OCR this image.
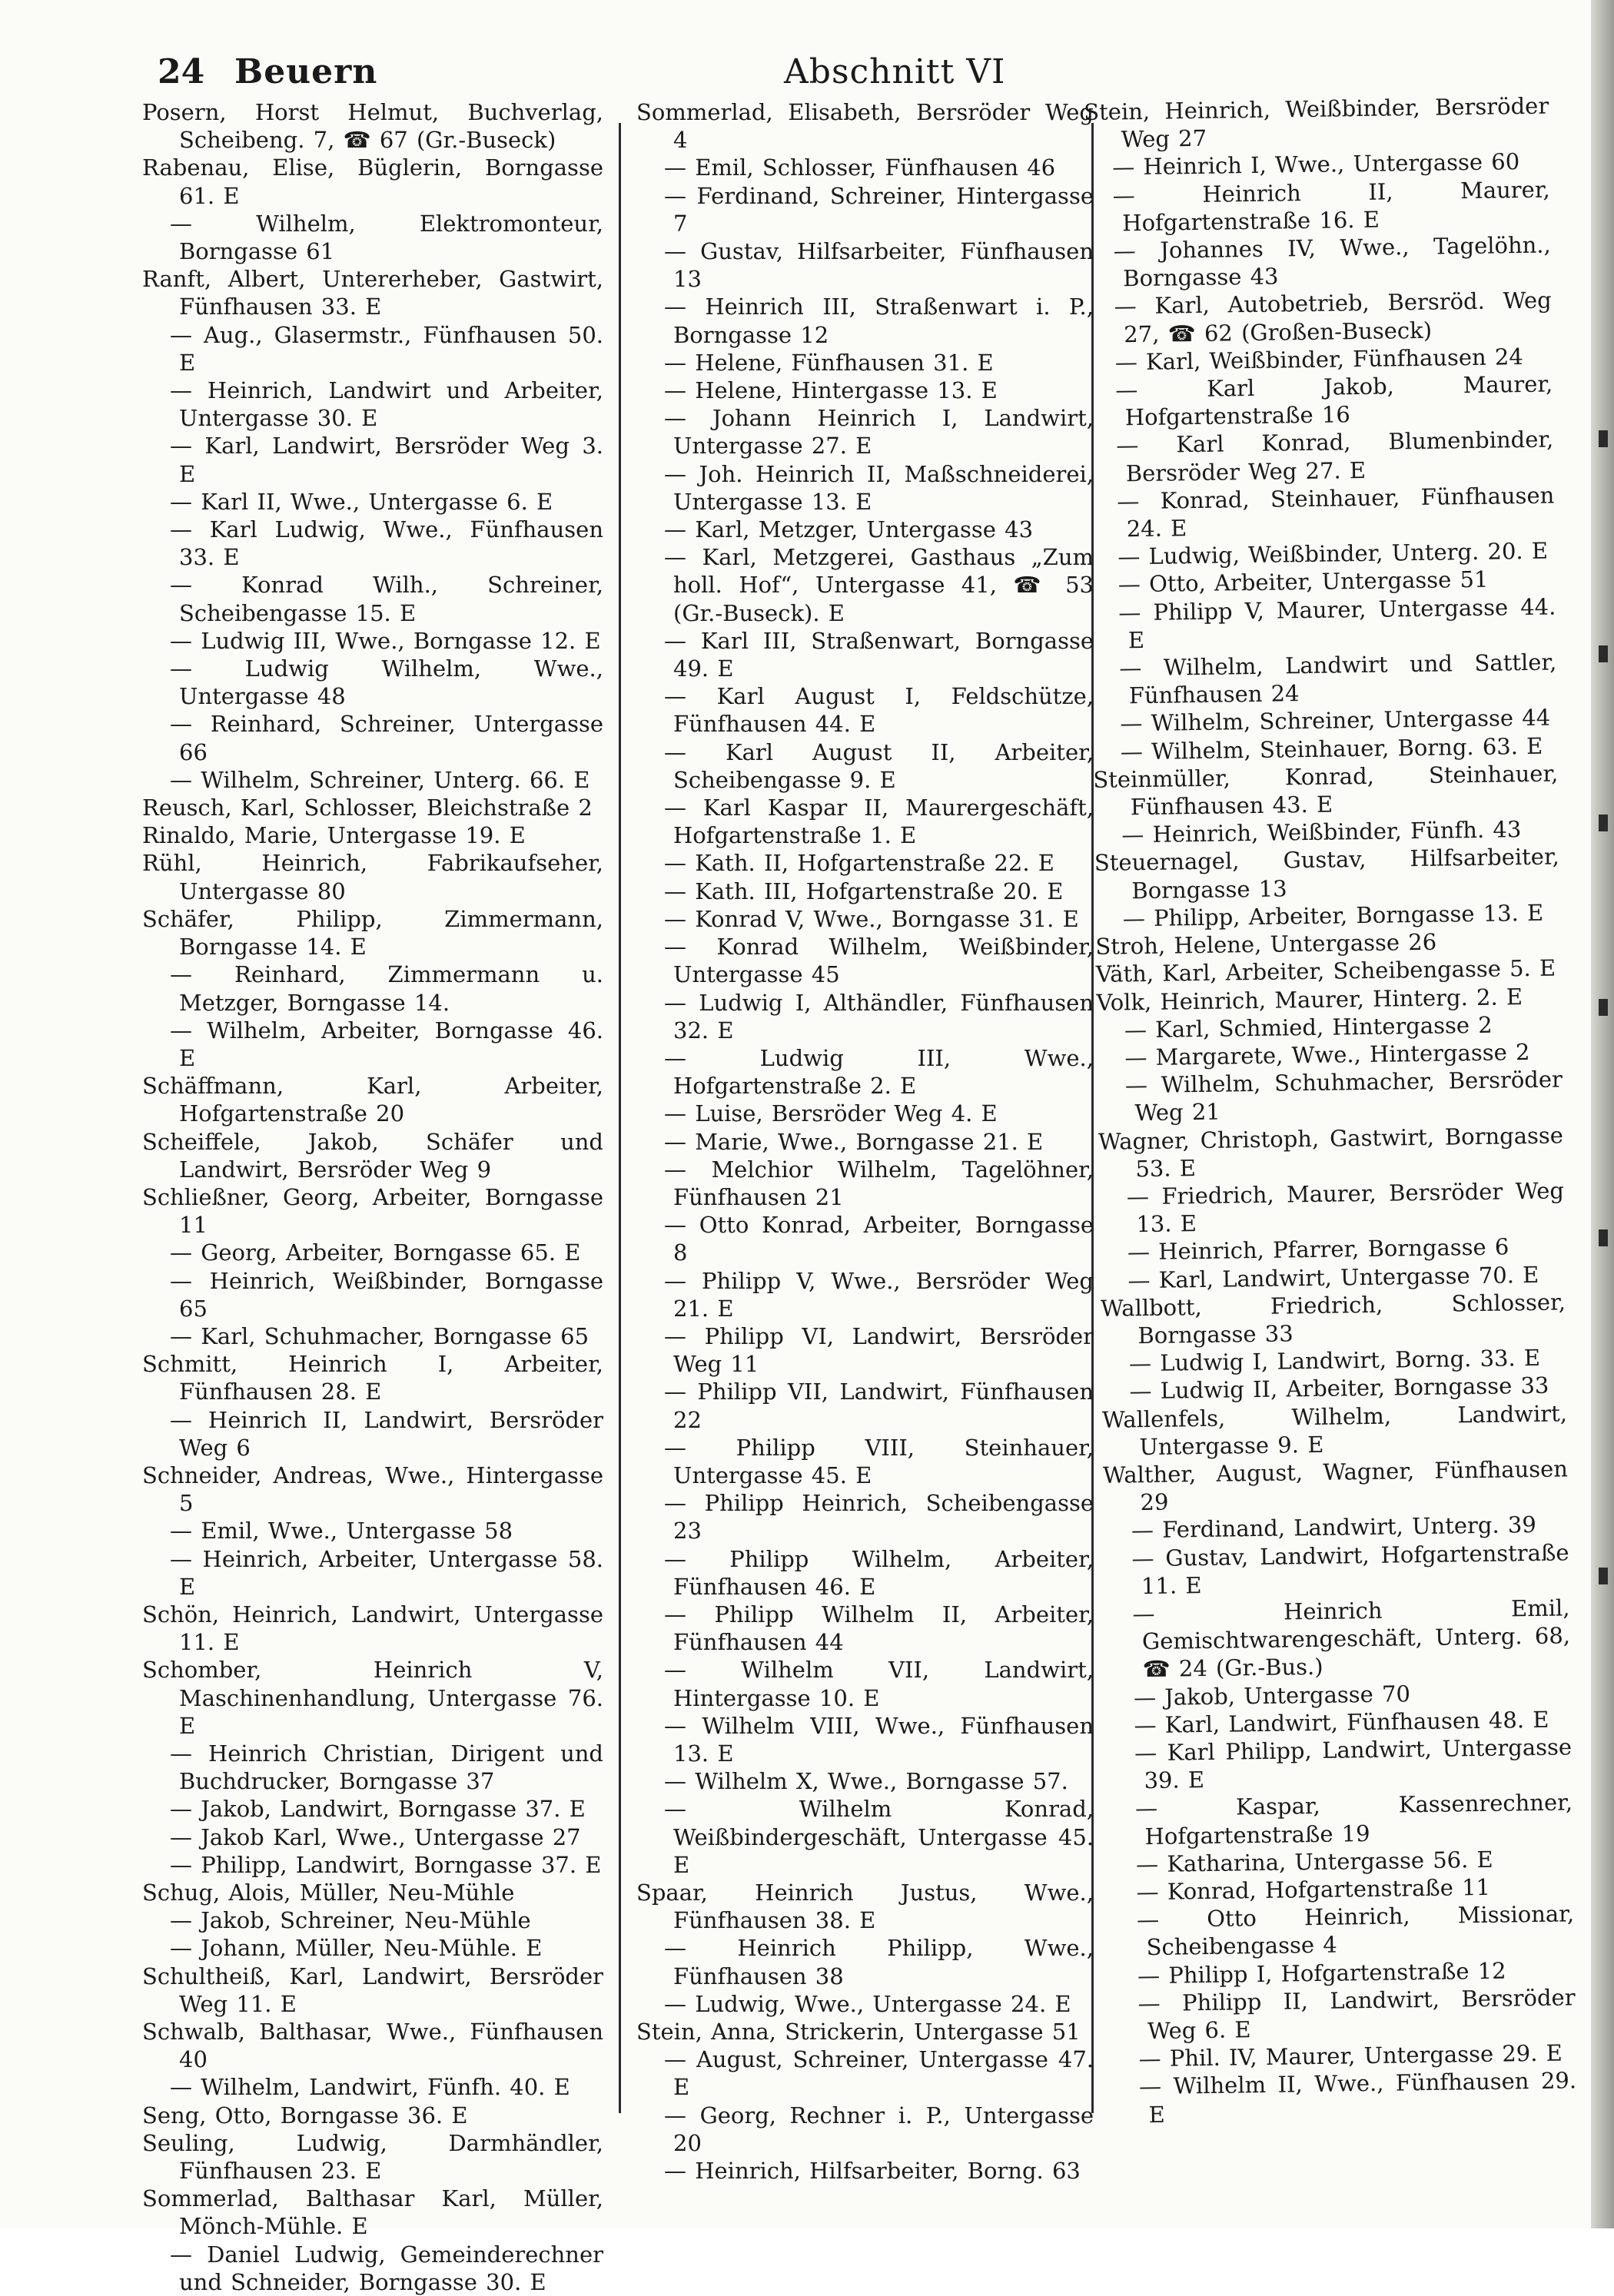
24 Beuern	Abschnitt VI

Posern, Horst Helmut, Buchverlag, Scheibeng. 7, ☎ 67 (Gr.-Buseck)

Rabenau, Elise, Büglerin, Borngasse 61. E

— Wilhelm, Elektromonteur, Borngasse 61

Ranft, Albert, Untererheber, Gastwirt, Fünfhausen 33. E

— Aug., Glasermstr., Fünfhausen 50. E

— Heinrich, Landwirt und Arbeiter, Untergasse 30. E

— Karl, Landwirt, Bersröder Weg 3. E

— Karl II, Wwe., Untergasse 6. E

— Karl Ludwig, Wwe., Fünfhausen 33. E

— Konrad Wilh., Schreiner, Scheibengasse 15. E

— Ludwig III, Wwe., Borngasse 12. E

— Ludwig Wilhelm, Wwe., Untergasse 48

— Reinhard, Schreiner, Untergasse 66

— Wilhelm, Schreiner, Unterg. 66. E

Reusch, Karl, Schlosser, Bleichstraße 2

Rinaldo, Marie, Untergasse 19. E

Rühl, Heinrich, Fabrikaufseher, Untergasse 80

Schäfer, Philipp, Zimmermann, Borngasse 14. E

— Reinhard, Zimmermann u. Metzger, Borngasse 14.

— Wilhelm, Arbeiter, Borngasse 46. E

Schäffmann, Karl, Arbeiter, Hofgartenstraße 20

Scheiffele, Jakob, Schäfer und Landwirt, Bersröder Weg 9

Schließner, Georg, Arbeiter, Borngasse 11

— Georg, Arbeiter, Borngasse 65. E

— Heinrich, Weißbinder, Borngasse 65

— Karl, Schuhmacher, Borngasse 65

Schmitt, Heinrich I, Arbeiter, Fünfhausen 28. E

— Heinrich II, Landwirt, Bersröder Weg 6

Schneider, Andreas, Wwe., Hintergasse 5

— Emil, Wwe., Untergasse 58

— Heinrich, Arbeiter, Untergasse 58. E

Schön, Heinrich, Landwirt, Untergasse 11. E

Schomber, Heinrich V, Maschinenhandlung, Untergasse 76. E

— Heinrich Christian, Dirigent und Buchdrucker, Borngasse 37

— Jakob, Landwirt, Borngasse 37. E

— Jakob Karl, Wwe., Untergasse 27

— Philipp, Landwirt, Borngasse 37. E

Schug, Alois, Müller, Neu-Mühle

— Jakob, Schreiner, Neu-Mühle

— Johann, Müller, Neu-Mühle. E

Schultheiß, Karl, Landwirt, Bersröder Weg 11. E

Schwalb, Balthasar, Wwe., Fünfhausen 40

— Wilhelm, Landwirt, Fünfh. 40. E

Seng, Otto, Borngasse 36. E

Seuling, Ludwig, Darmhändler, Fünfhausen 23. E

Sommerlad, Balthasar Karl, Müller, Mönch-Mühle. E

— Daniel Ludwig, Gemeinderechner und Schneider, Borngasse 30. E

Sommerlad, Elisabeth, Bersröder Weg 4

— Emil, Schlosser, Fünfhausen 46

— Ferdinand, Schreiner, Hintergasse 7

— Gustav, Hilfsarbeiter, Fünfhausen 13

— Heinrich III, Straßenwart i. P., Borngasse 12

— Helene, Fünfhausen 31. E

— Helene, Hintergasse 13. E

— Johann Heinrich I, Landwirt, Untergasse 27. E

— Joh. Heinrich II, Maßschneiderei, Untergasse 13. E

— Karl, Metzger, Untergasse 43

— Karl, Metzgerei, Gasthaus „Zum holl. Hof“, Untergasse 41, ☎ 53 (Gr.-Buseck). E

— Karl III, Straßenwart, Borngasse 49. E

— Karl August I, Feldschütze, Fünfhausen 44. E

— Karl August II, Arbeiter, Scheibengasse 9. E

— Karl Kaspar II, Maurergeschäft, Hofgartenstraße 1. E

— Kath. II, Hofgartenstraße 22. E

— Kath. III, Hofgartenstraße 20. E

— Konrad V, Wwe., Borngasse 31. E

— Konrad Wilhelm, Weißbinder, Untergasse 45

— Ludwig I, Althändler, Fünfhausen 32. E

— Ludwig III, Wwe., Hofgartenstraße 2. E

— Luise, Bersröder Weg 4. E

— Marie, Wwe., Borngasse 21. E

— Melchior Wilhelm, Tagelöhner, Fünfhausen 21

— Otto Konrad, Arbeiter, Borngasse 8

— Philipp V, Wwe., Bersröder Weg 21. E

— Philipp VI, Landwirt, Bersröder Weg 11

— Philipp VII, Landwirt, Fünfhausen 22

— Philipp VIII, Steinhauer, Untergasse 45. E

— Philipp Heinrich, Scheibengasse 23

— Philipp Wilhelm, Arbeiter, Fünfhausen 46. E

— Philipp Wilhelm II, Arbeiter, Fünfhausen 44

— Wilhelm VII, Landwirt, Hintergasse 10. E

— Wilhelm VIII, Wwe., Fünfhausen 13. E

— Wilhelm X, Wwe., Borngasse 57.

— Wilhelm Konrad, Weißbindergeschäft, Untergasse 45. E

Spaar, Heinrich Justus, Wwe., Fünfhausen 38. E

— Heinrich Philipp, Wwe., Fünfhausen 38

— Ludwig, Wwe., Untergasse 24. E

Stein, Anna, Strickerin, Untergasse 51

— August, Schreiner, Untergasse 47. E

— Georg, Rechner i. P., Untergasse 20

— Heinrich, Hilfsarbeiter, Borng. 63

Stein, Heinrich, Weißbinder, Bersröder Weg 27

— Heinrich I, Wwe., Untergasse 60

— Heinrich II, Maurer, Hofgartenstraße 16. E

— Johannes IV, Wwe., Tagelöhn., Borngasse 43

— Karl, Autobetrieb, Bersröd. Weg 27, ☎ 62 (Großen-Buseck)

— Karl, Weißbinder, Fünfhausen 24

— Karl Jakob, Maurer, Hofgartenstraße 16

— Karl Konrad, Blumenbinder, Bersröder Weg 27. E

— Konrad, Steinhauer, Fünfhausen 24. E

— Ludwig, Weißbinder, Unterg. 20. E

— Otto, Arbeiter, Untergasse 51

— Philipp V, Maurer, Untergasse 44. E

— Wilhelm, Landwirt und Sattler, Fünfhausen 24

— Wilhelm, Schreiner, Untergasse 44

— Wilhelm, Steinhauer, Borng. 63. E

Steinmüller, Konrad, Steinhauer, Fünfhausen 43. E

— Heinrich, Weißbinder, Fünfh. 43

Steuernagel, Gustav, Hilfsarbeiter, Borngasse 13

— Philipp, Arbeiter, Borngasse 13. E

Stroh, Helene, Untergasse 26

Väth, Karl, Arbeiter, Scheibengasse 5. E

Volk, Heinrich, Maurer, Hinterg. 2. E

— Karl, Schmied, Hintergasse 2

— Margarete, Wwe., Hintergasse 2

— Wilhelm, Schuhmacher, Bersröder Weg 21

Wagner, Christoph, Gastwirt, Borngasse 53. E

— Friedrich, Maurer, Bersröder Weg 13. E

— Heinrich, Pfarrer, Borngasse 6

— Karl, Landwirt, Untergasse 70. E

Wallbott, Friedrich, Schlosser, Borngasse 33

— Ludwig I, Landwirt, Borng. 33. E

— Ludwig II, Arbeiter, Borngasse 33

Wallenfels, Wilhelm, Landwirt, Untergasse 9. E

Walther, August, Wagner, Fünfhausen 29

— Ferdinand, Landwirt, Unterg. 39

— Gustav, Landwirt, Hofgartenstraße 11. E

— Heinrich Emil, Gemischtwarengeschäft, Unterg. 68, ☎ 24 (Gr.-Bus.)

— Jakob, Untergasse 70

— Karl, Landwirt, Fünfhausen 48. E

— Karl Philipp, Landwirt, Untergasse 39. E

— Kaspar, Kassenrechner, Hofgartenstraße 19

— Katharina, Untergasse 56. E

— Konrad, Hofgartenstraße 11

— Otto Heinrich, Missionar, Scheibengasse 4

— Philipp I, Hofgartenstraße 12

— Philipp II, Landwirt, Bersröder Weg 6. E

— Phil. IV, Maurer, Untergasse 29. E

— Wilhelm II, Wwe., Fünfhausen 29. E
